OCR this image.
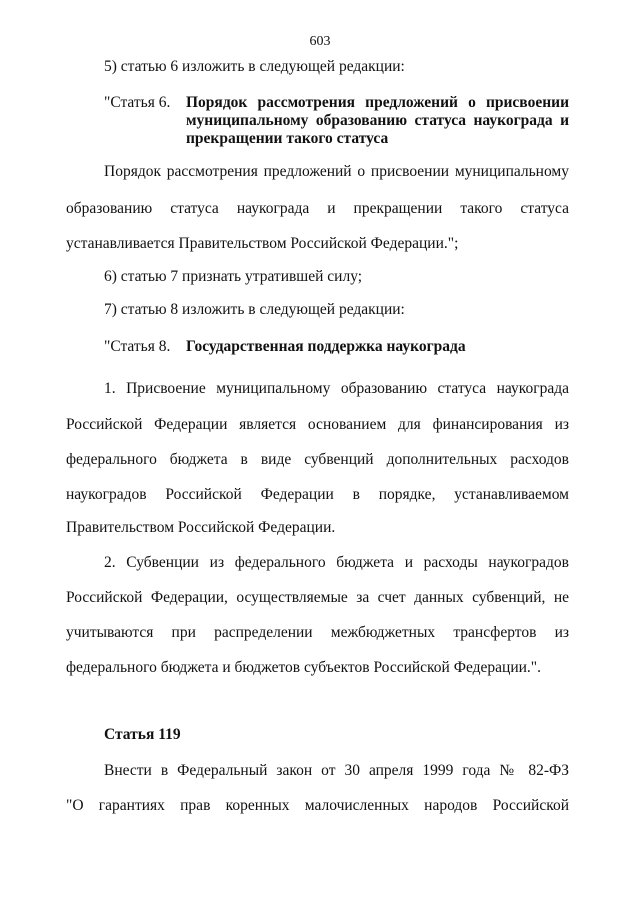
603
5) статью 6 изложить в следующей редакции:
"Статья 6. Порядок рассмотрения предложений о присвоении
муниципальному образованию статуса наукограда и
прекращении такого статуса
Порядок рассмотрения предложений о присвоении муниципальному
образованию статуса наукограда и прекращении такого статуса
устанавливается Правительством Российской Федерации.";
6) статью 7 признать утратившей силу;
7) статью 8 изложить в следующей редакции:
"Статья 8. Государственная поддержка наукограда
1. Присвоение муниципальному образованию статуса наукограда
Российской Федерации является основанием для финансирования из
федерального бюджета в виде субвенций дополнительных расходов
наукоградов Российской Федерации в порядке, устанавливаемом
Правительством Российской Федерации.
2. Субвенции из федерального бюджета и расходы наукоградов
Российской Федерации, осуществляемые за счет данных субвенций, не
учитываются при распределении межбюджетных трансфертов из
федерального бюджета и бюджетов субъектов Российской Федерации.".
Статья 119
Внести в Федеральный закон от 30 апреля 1999 года № 82-ФЗ
"О гарантиях прав коренных малочисленных народов Российской
